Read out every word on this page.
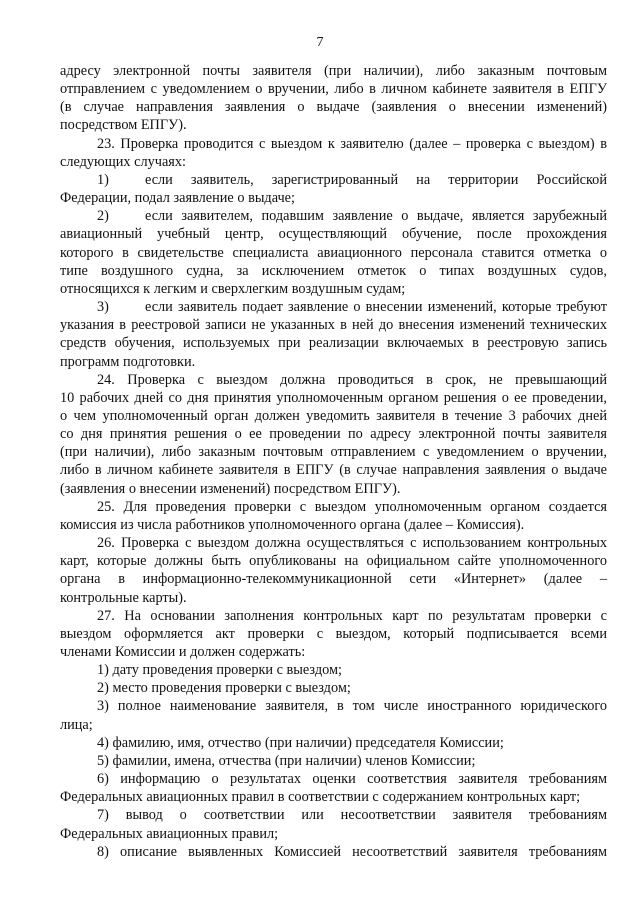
7

адресу электронной почты заявителя (при наличии), либо заказным почтовым

отправлением с уведомлением о вручении, либо в личном кабинете заявителя в ЕПГУ

(в случае направления заявления о выдаче (заявления о внесении изменений)

посредством ЕПГУ).

23. Проверка проводится с выездом к заявителю (далее – проверка с выездом) в

следующих случаях:

1)	если заявитель, зарегистрированный на территории Российской

Федерации, подал заявление о выдаче;

2)	если заявителем, подавшим заявление о выдаче, является зарубежный

авиационный учебный центр, осуществляющий обучение, после прохождения

которого в свидетельстве специалиста авиационного персонала ставится отметка о

типе воздушного судна, за исключением отметок о типах воздушных судов,

относящихся к легким и сверхлегким воздушным судам;

3)	если заявитель подает заявление о внесении изменений, которые требуют

указания в реестровой записи не указанных в ней до внесения изменений технических

средств обучения, используемых при реализации включаемых в реестровую запись

программ подготовки.

24. Проверка с выездом должна проводиться в срок, не превышающий

10 рабочих дней со дня принятия уполномоченным органом решения о ее проведении,

о чем уполномоченный орган должен уведомить заявителя в течение 3 рабочих дней

со дня принятия решения о ее проведении по адресу электронной почты заявителя

(при наличии), либо заказным почтовым отправлением с уведомлением о вручении,

либо в личном кабинете заявителя в ЕПГУ (в случае направления заявления о выдаче

(заявления о внесении изменений) посредством ЕПГУ).

25. Для проведения проверки с выездом уполномоченным органом создается

комиссия из числа работников уполномоченного органа (далее – Комиссия).

26. Проверка с выездом должна осуществляться с использованием контрольных

карт, которые должны быть опубликованы на официальном сайте уполномоченного

органа в информационно-телекоммуникационной сети «Интернет» (далее –

контрольные карты).

27. На основании заполнения контрольных карт по результатам проверки с

выездом оформляется акт проверки с выездом, который подписывается всеми

членами Комиссии и должен содержать:

1) дату проведения проверки с выездом;

2) место проведения проверки с выездом;

3) полное наименование заявителя, в том числе иностранного юридического

лица;

4) фамилию, имя, отчество (при наличии) председателя Комиссии;

5) фамилии, имена, отчества (при наличии) членов Комиссии;

6) информацию о результатах оценки соответствия заявителя требованиям

Федеральных авиационных правил в соответствии с содержанием контрольных карт;

7) вывод о соответствии или несоответствии заявителя требованиям

Федеральных авиационных правил;

8) описание выявленных Комиссией несоответствий заявителя требованиям
